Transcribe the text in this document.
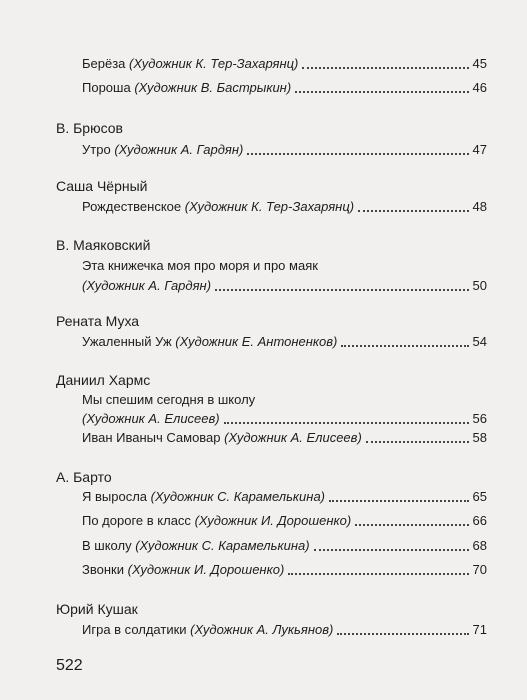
Берёза (Художник К. Тер-Захарянц)	45
Пороша (Художник В. Бастрыкин)	46
В. Брюсов
Утро (Художник А. Гардян)	47
Саша Чёрный
Рождественское (Художник К. Тер-Захарянц)	48
В. Маяковский
Эта книжечка моя про моря и про маяк
(Художник А. Гардян)	50
Рената Муха
Ужаленный Уж (Художник Е. Антоненков)	54
Даниил Хармс
Мы спешим сегодня в школу
(Художник А. Елисеев)	56
Иван Иваныч Самовар (Художник А. Елисеев)	58
А. Барто
Я выросла (Художник С. Карамелькина)	65
По дороге в класс (Художник И. Дорошенко)	66
В школу (Художник С. Карамелькина)	68
Звонки (Художник И. Дорошенко)	70
Юрий Кушак
Игра в солдатики (Художник А. Лукьянов)	71
522
